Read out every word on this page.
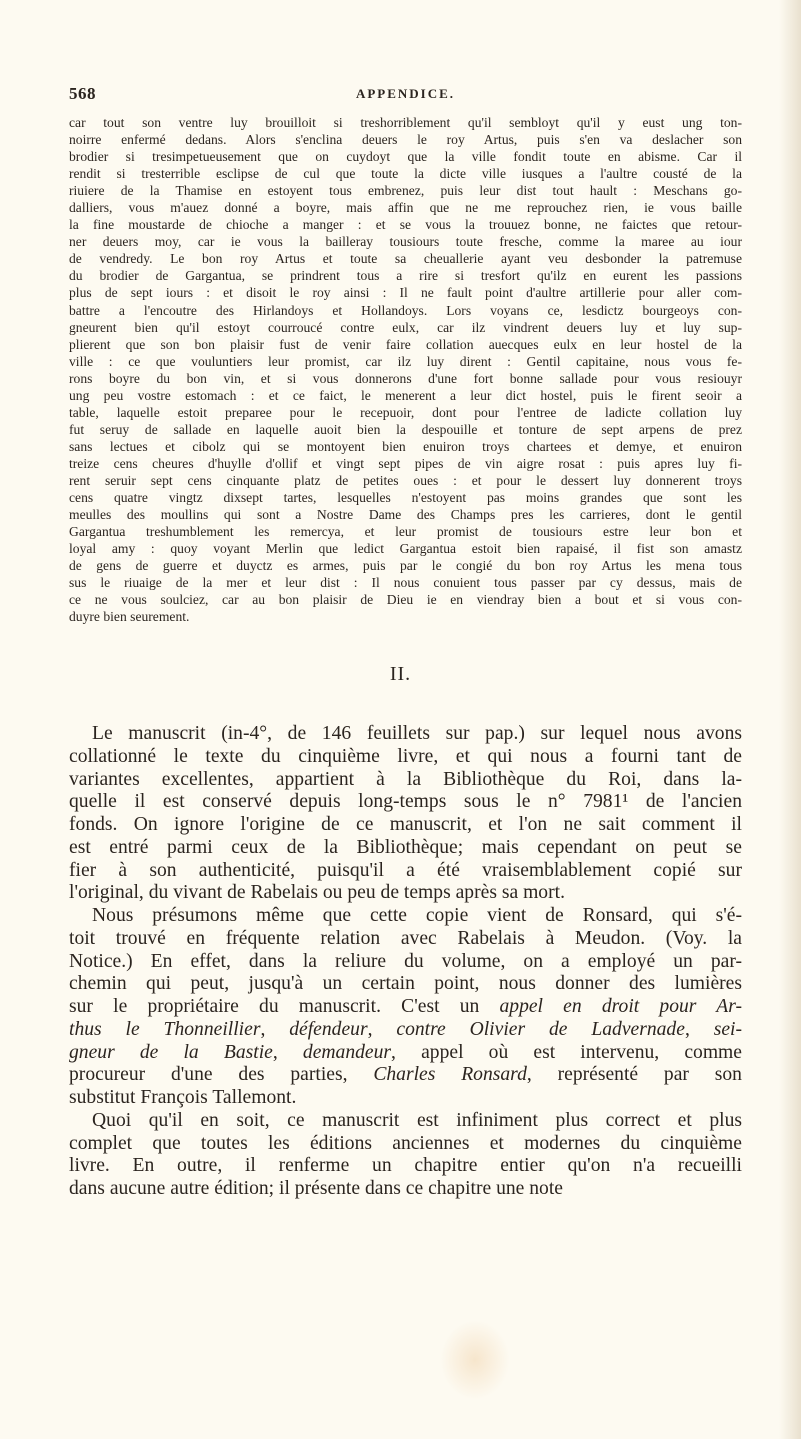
568	APPENDICE.
car tout son ventre luy brouilloit si treshorriblement qu'il sembloyt qu'il y eust ung ton-
noirre enfermé dedans. Alors s'enclina deuers le roy Artus, puis s'en va deslacher son
brodier si tresimpetueusement que on cuydoyt que la ville fondit toute en abisme. Car il
rendit si tresterrible esclipse de cul que toute la dicte ville iusques a l'aultre cousté de la
riuiere de la Thamise en estoyent tous embrenez, puis leur dist tout hault : Meschans go-
dalliers, vous m'auez donné a boyre, mais affin que ne me reprouchez rien, ie vous baille
la fine moustarde de chioche a manger : et se vous la trouuez bonne, ne faictes que retour-
ner deuers moy, car ie vous la bailleray tousiours toute fresche, comme la maree au iour
de vendredy. Le bon roy Artus et toute sa cheuallerie ayant veu desbonder la patremuse
du brodier de Gargantua, se prindrent tous a rire si tresfort qu'ilz en eurent les passions
plus de sept iours : et disoit le roy ainsi : Il ne fault point d'aultre artillerie pour aller com-
battre a l'encoutre des Hirlandoys et Hollandoys. Lors voyans ce, lesdictz bourgeoys con-
gneurent bien qu'il estoyt courroucé contre eulx, car ilz vindrent deuers luy et luy sup-
plierent que son bon plaisir fust de venir faire collation auecques eulx en leur hostel de la
ville : ce que vouluntiers leur promist, car ilz luy dirent : Gentil capitaine, nous vous fe-
rons boyre du bon vin, et si vous donnerons d'une fort bonne sallade pour vous resiouyr
ung peu vostre estomach : et ce faict, le menerent a leur dict hostel, puis le firent seoir a
table, laquelle estoit preparee pour le recepuoir, dont pour l'entree de ladicte collation luy
fut seruy de sallade en laquelle auoit bien la despouille et tonture de sept arpens de prez
sans lectues et cibolz qui se montoyent bien enuiron troys chartees et demye, et enuiron
treize cens cheures d'huylle d'ollif et vingt sept pipes de vin aigre rosat : puis apres luy fi-
rent seruir sept cens cinquante platz de petites oues : et pour le dessert luy donnerent troys
cens quatre vingtz dixsept tartes, lesquelles n'estoyent pas moins grandes que sont les
meulles des moullins qui sont a Nostre Dame des Champs pres les carrieres, dont le gentil
Gargantua treshumblement les remercya, et leur promist de tousiours estre leur bon et
loyal amy : quoy voyant Merlin que ledict Gargantua estoit bien rapaisé, il fist son amastz
de gens de guerre et duyctz es armes, puis par le congié du bon roy Artus les mena tous
sus le riuaige de la mer et leur dist : Il nous conuient tous passer par cy dessus, mais de
ce ne vous soulciez, car au bon plaisir de Dieu ie en viendray bien a bout et si vous con-
duyre bien seurement.
II.
Le manuscrit (in-4°, de 146 feuillets sur pap.) sur lequel nous avons
collationné le texte du cinquième livre, et qui nous a fourni tant de
variantes excellentes, appartient à la Bibliothèque du Roi, dans la-
quelle il est conservé depuis long-temps sous le n° 7981¹ de l'ancien
fonds. On ignore l'origine de ce manuscrit, et l'on ne sait comment il
est entré parmi ceux de la Bibliothèque; mais cependant on peut se
fier à son authenticité, puisqu'il a été vraisemblablement copié sur
l'original, du vivant de Rabelais ou peu de temps après sa mort.
Nous présumons même que cette copie vient de Ronsard, qui s'é-
toit trouvé en fréquente relation avec Rabelais à Meudon. (Voy. la
Notice.) En effet, dans la reliure du volume, on a employé un par-
chemin qui peut, jusqu'à un certain point, nous donner des lumières
sur le propriétaire du manuscrit. C'est un appel en droit pour Ar-
thus le Thonneillier, défendeur, contre Olivier de Ladvernade, sei-
gneur de la Bastie, demandeur, appel où est intervenu, comme
procureur d'une des parties, Charles Ronsard, représenté par son
substitut François Tallemont.
Quoi qu'il en soit, ce manuscrit est infiniment plus correct et plus
complet que toutes les éditions anciennes et modernes du cinquième
livre. En outre, il renferme un chapitre entier qu'on n'a recueilli
dans aucune autre édition; il présente dans ce chapitre une note
